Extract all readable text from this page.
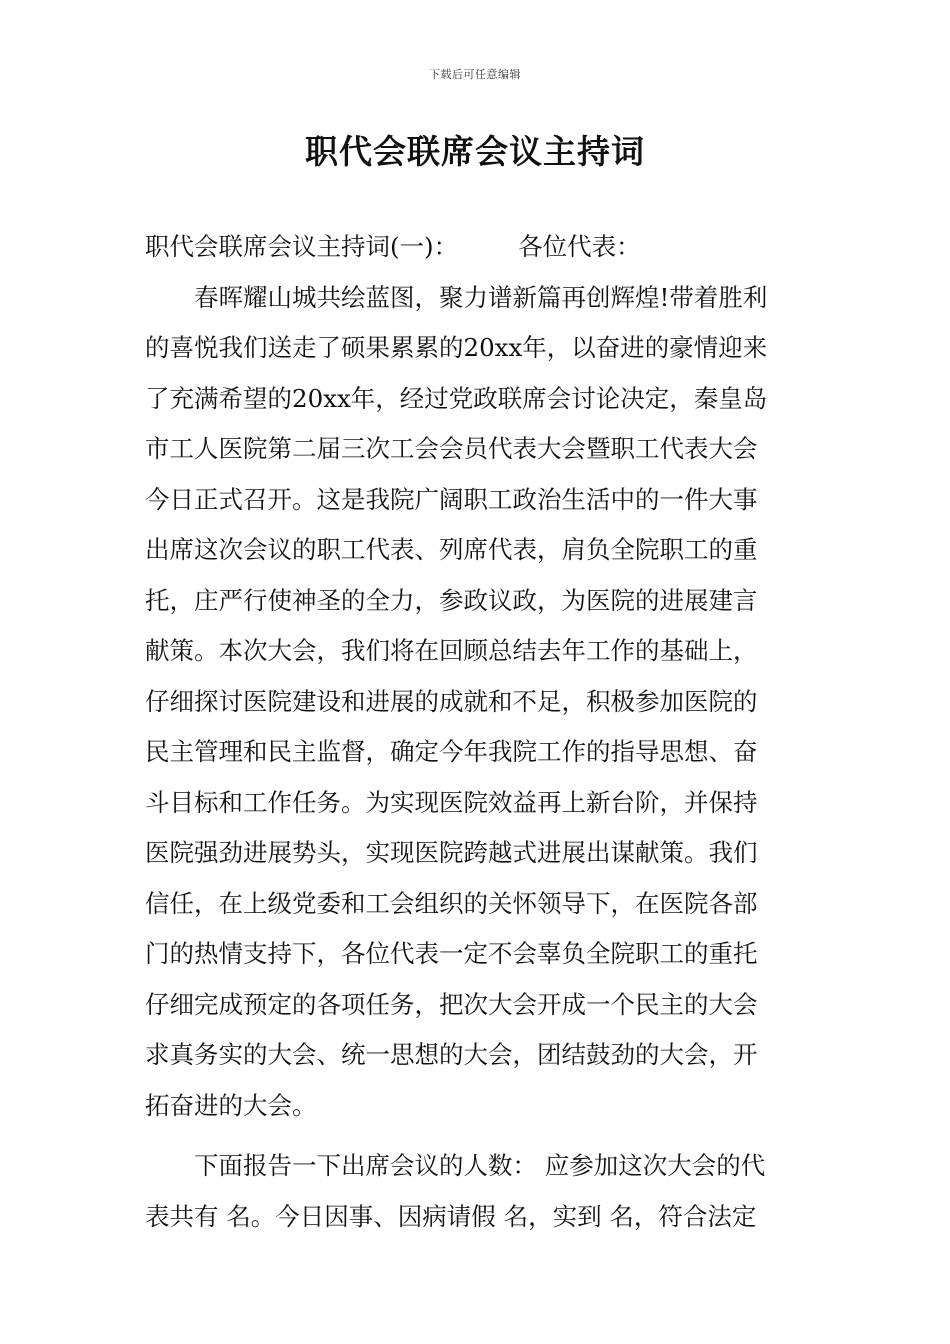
下载后可任意编辑
职代会联席会议主持词
职代会联席会议主持词(一)： 各位代表：
春晖耀山城共绘蓝图，聚力谱新篇再创辉煌!带着胜利
的喜悦我们送走了硕果累累的20xx年，以奋进的豪情迎来
了充满希望的20xx年，经过党政联席会讨论决定，秦皇岛
市工人医院第二届三次工会会员代表大会暨职工代表大会
今日正式召开。这是我院广阔职工政治生活中的一件大事
出席这次会议的职工代表、列席代表，肩负全院职工的重
托，庄严行使神圣的全力，参政议政，为医院的进展建言
献策。本次大会，我们将在回顾总结去年工作的基础上，
仔细探讨医院建设和进展的成就和不足，积极参加医院的
民主管理和民主监督，确定今年我院工作的指导思想、奋
斗目标和工作任务。为实现医院效益再上新台阶，并保持
医院强劲进展势头，实现医院跨越式进展出谋献策。我们
信任，在上级党委和工会组织的关怀领导下，在医院各部
门的热情支持下，各位代表一定不会辜负全院职工的重托
仔细完成预定的各项任务，把次大会开成一个民主的大会
求真务实的大会、统一思想的大会，团结鼓劲的大会，开
拓奋进的大会。
下面报告一下出席会议的人数： 应参加这次大会的代
表共有 名。今日因事、因病请假 名，实到 名，符合法定
